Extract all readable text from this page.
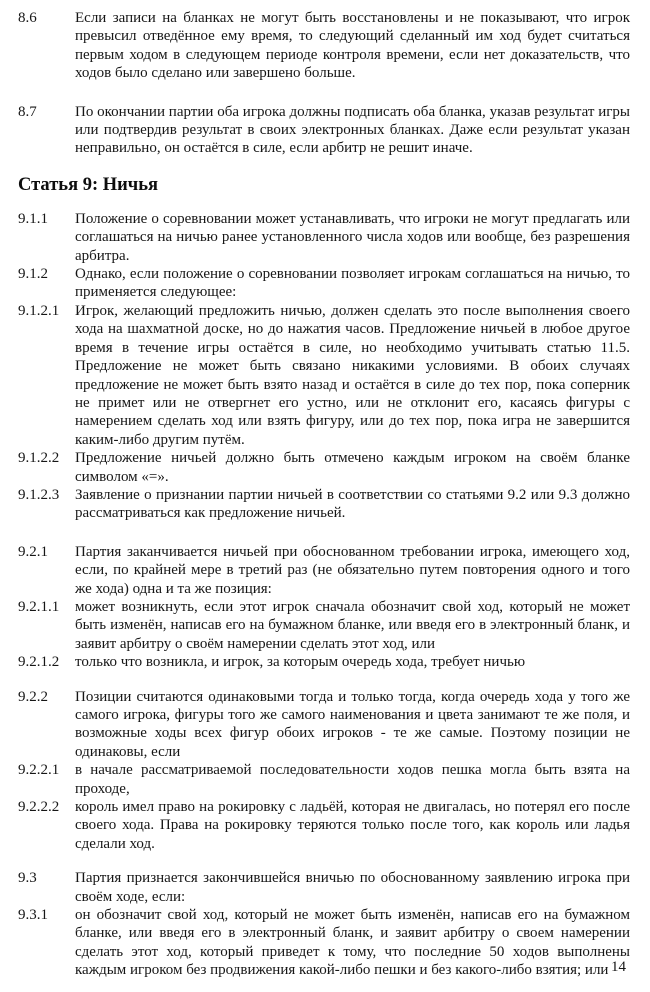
8.6	Если записи на бланках не могут быть восстановлены и не показывают, что игрок превысил отведённое ему время, то следующий сделанный им ход будет считаться первым ходом в следующем периоде контроля времени, если нет доказательств, что ходов было сделано или завершено больше.
8.7	По окончании партии оба игрока должны подписать оба бланка, указав результат игры или подтвердив результат в своих электронных бланках. Даже если результат указан неправильно, он остаётся в силе, если арбитр не решит иначе.
Статья 9: Ничья
9.1.1	Положение о соревновании может устанавливать, что игроки не могут предлагать или соглашаться на ничью ранее установленного числа ходов или вообще, без разрешения арбитра.
9.1.2	Однако, если положение о соревновании позволяет игрокам соглашаться на ничью, то применяется следующее:
9.1.2.1	Игрок, желающий предложить ничью, должен сделать это после выполнения своего хода на шахматной доске, но до нажатия часов. Предложение ничьей в любое другое время в течение игры остаётся в силе, но необходимо учитывать статью 11.5. Предложение не может быть связано никакими условиями. В обоих случаях предложение не может быть взято назад и остаётся в силе до тех пор, пока соперник не примет или не отвергнет его устно, или не отклонит его, касаясь фигуры с намерением сделать ход или взять фигуру, или до тех пор, пока игра не завершится каким-либо другим путём.
9.1.2.2	Предложение ничьей должно быть отмечено каждым игроком на своём бланке символом «=».
9.1.2.3	Заявление о признании партии ничьей в соответствии со статьями 9.2 или 9.3 должно рассматриваться как предложение ничьей.
9.2.1	Партия заканчивается ничьей при обоснованном требовании игрока, имеющего ход, если, по крайней мере в третий раз (не обязательно путем повторения одного и того же хода) одна и та же позиция:
9.2.1.1	может возникнуть, если этот игрок сначала обозначит свой ход, который не может быть изменён, написав его на бумажном бланке, или введя его в электронный бланк, и заявит арбитру о своём намерении сделать этот ход, или
9.2.1.2	только что возникла, и игрок, за которым очередь хода, требует ничью
9.2.2	Позиции считаются одинаковыми тогда и только тогда, когда очередь хода у того же самого игрока, фигуры того же самого наименования и цвета занимают те же поля, и возможные ходы всех фигур обоих игроков - те же самые. Поэтому позиции не одинаковы, если
9.2.2.1	в начале рассматриваемой последовательности ходов пешка могла быть взята на проходе,
9.2.2.2	король имел право на рокировку с ладьёй, которая не двигалась, но потерял его после своего хода. Права на рокировку теряются только после того, как король или ладья сделали ход.
9.3	Партия признается закончившейся вничью по обоснованному заявлению игрока при своём ходе, если:
9.3.1	он обозначит свой ход, который не может быть изменён, написав его на бумажном бланке, или введя его в электронный бланк, и заявит арбитру о своем намерении сделать этот ход, который приведет к тому, что последние 50 ходов выполнены каждым игроком без продвижения какой-либо пешки и без какого-либо взятия; или 14
